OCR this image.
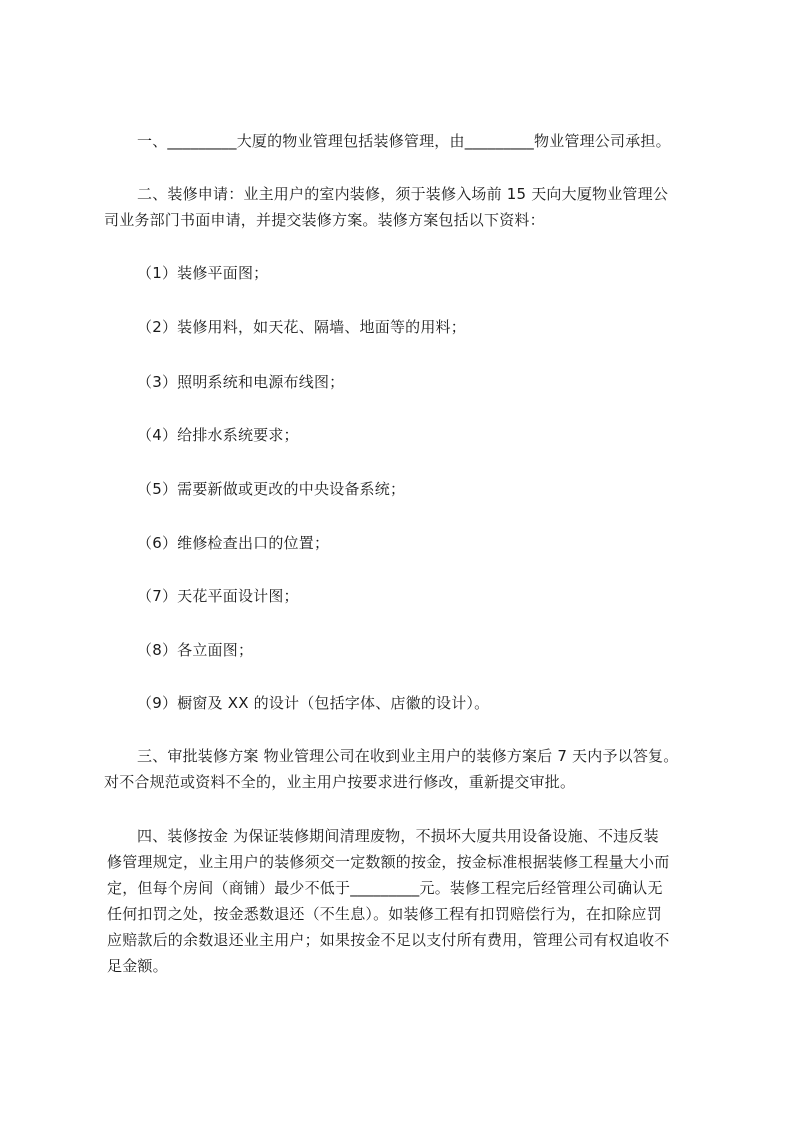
一、_________大厦的物业管理包括装修管理，由_________物业管理公司承担。
二、装修申请：业主用户的室内装修，须于装修入场前 15 天向大厦物业管理公
司业务部门书面申请，并提交装修方案。装修方案包括以下资料：
（1）装修平面图；
（2）装修用料，如天花、隔墙、地面等的用料；
（3）照明系统和电源布线图；
（4）给排水系统要求；
（5）需要新做或更改的中央设备系统；
（6）维修检查出口的位置；
（7）天花平面设计图；
（8）各立面图；
（9）橱窗及 XX 的设计（包括字体、店徽的设计）。
三、审批装修方案 物业管理公司在收到业主用户的装修方案后 7 天内予以答复。
对不合规范或资料不全的，业主用户按要求进行修改，重新提交审批。
四、装修按金 为保证装修期间清理废物，不损坏大厦共用设备设施、不违反装
修管理规定，业主用户的装修须交一定数额的按金，按金标准根据装修工程量大小而
定，但每个房间（商铺）最少不低于_________元。装修工程完后经管理公司确认无
任何扣罚之处，按金悉数退还（不生息）。如装修工程有扣罚赔偿行为，在扣除应罚
应赔款后的余数退还业主用户；如果按金不足以支付所有费用，管理公司有权追收不
足金额。
